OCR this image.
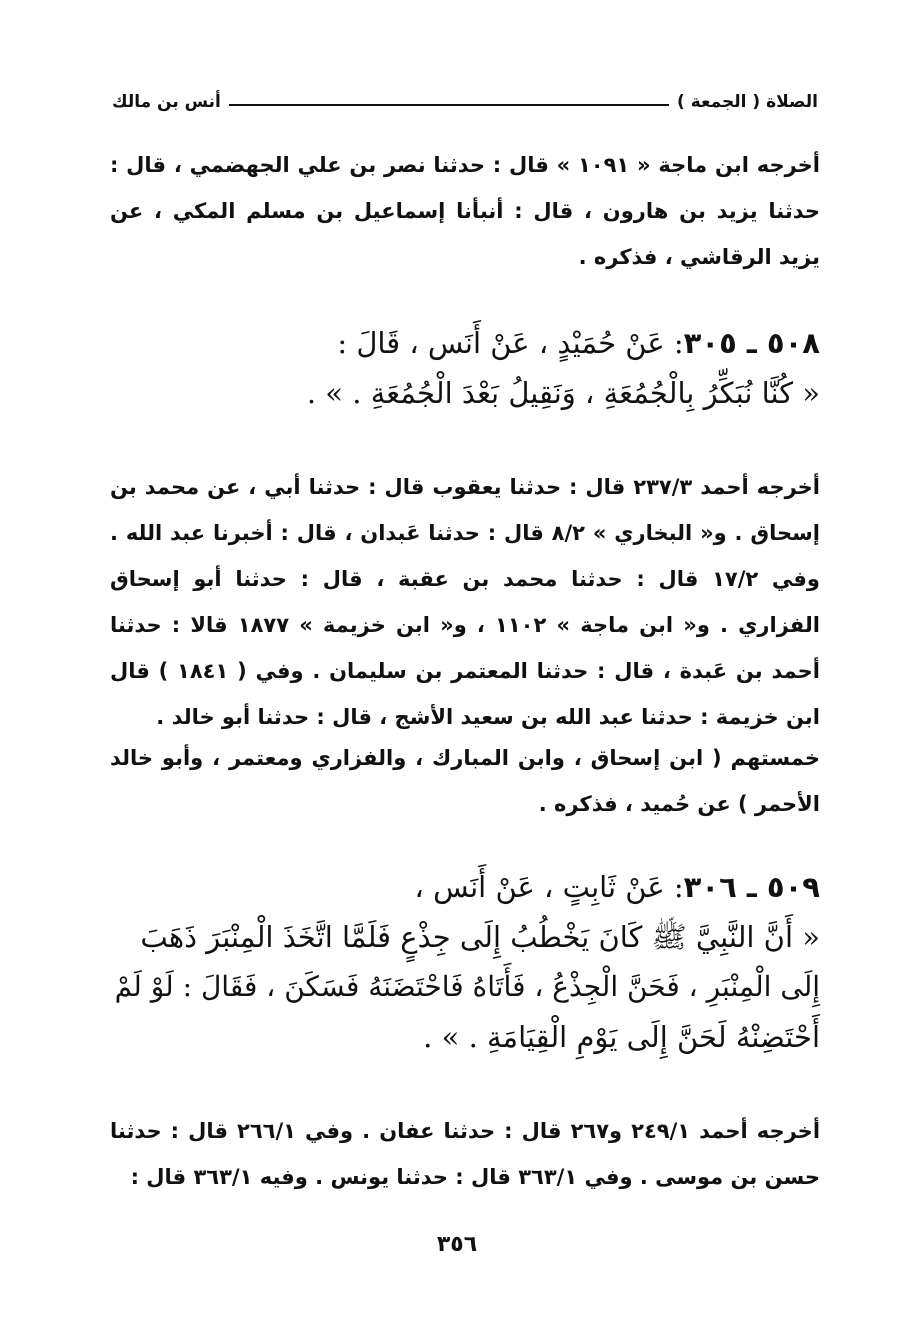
الصلاة ( الجمعة )
أنس بن مالك

أخرجه ابن ماجة « ١٠٩١ » قال : حدثنا نصر بن علي الجهضمي ، قال : حدثنا يزيد بن هارون ، قال : أنبأنا إسماعيل بن مسلم المكي ، عن يزيد الرقاشي ، فذكره .

٥٠٨ ـ ٣٠٥: عَنْ حُمَيْدٍ ، عَنْ أَنَس ، قَالَ :
« كُنَّا نُبَكِّرُ بِالْجُمُعَةِ ، وَنَقِيلُ بَعْدَ الْجُمُعَةِ . » .

أخرجه أحمد ٢٣٧/٣ قال : حدثنا يعقوب قال : حدثنا أبي ، عن محمد بن إسحاق . و« البخاري » ٨/٢ قال : حدثنا عَبدان ، قال : أخبرنا عبد الله . وفي ١٧/٢ قال : حدثنا محمد بن عقبة ، قال : حدثنا أبو إسحاق الفزاري . و« ابن ماجة » ١١٠٢ ، و« ابن خزيمة » ١٨٧٧ قالا : حدثنا أحمد بن عَبدة ، قال : حدثنا المعتمر بن سليمان . وفي ( ١٨٤١ ) قال ابن خزيمة : حدثنا عبد الله بن سعيد الأشج ، قال : حدثنا أبو خالد .

خمستهم ( ابن إسحاق ، وابن المبارك ، والفزاري ومعتمر ، وأبو خالد الأحمر ) عن حُميد ، فذكره .

٥٠٩ ـ ٣٠٦: عَنْ ثَابِتٍ ، عَنْ أَنَس ،
« أَنَّ النَّبِيَّ ﷺ كَانَ يَخْطُبُ إِلَى جِذْعٍ فَلَمَّا اتَّخَذَ الْمِنْبَرَ ذَهَبَ
إِلَى الْمِنْبَرِ ، فَحَنَّ الْجِذْعُ ، فَأَتَاهُ فَاحْتَضَنَهُ فَسَكَنَ ، فَقَالَ : لَوْ لَمْ
أَحْتَضِنْهُ لَحَنَّ إِلَى يَوْمِ الْقِيَامَةِ . » .

أخرجه أحمد ٢٤٩/١ و٢٦٧ قال : حدثنا عفان . وفي ٢٦٦/١ قال : حدثنا حسن بن موسى . وفي ٣٦٣/١ قال : حدثنا يونس . وفيه ٣٦٣/١ قال :

٣٥٦
